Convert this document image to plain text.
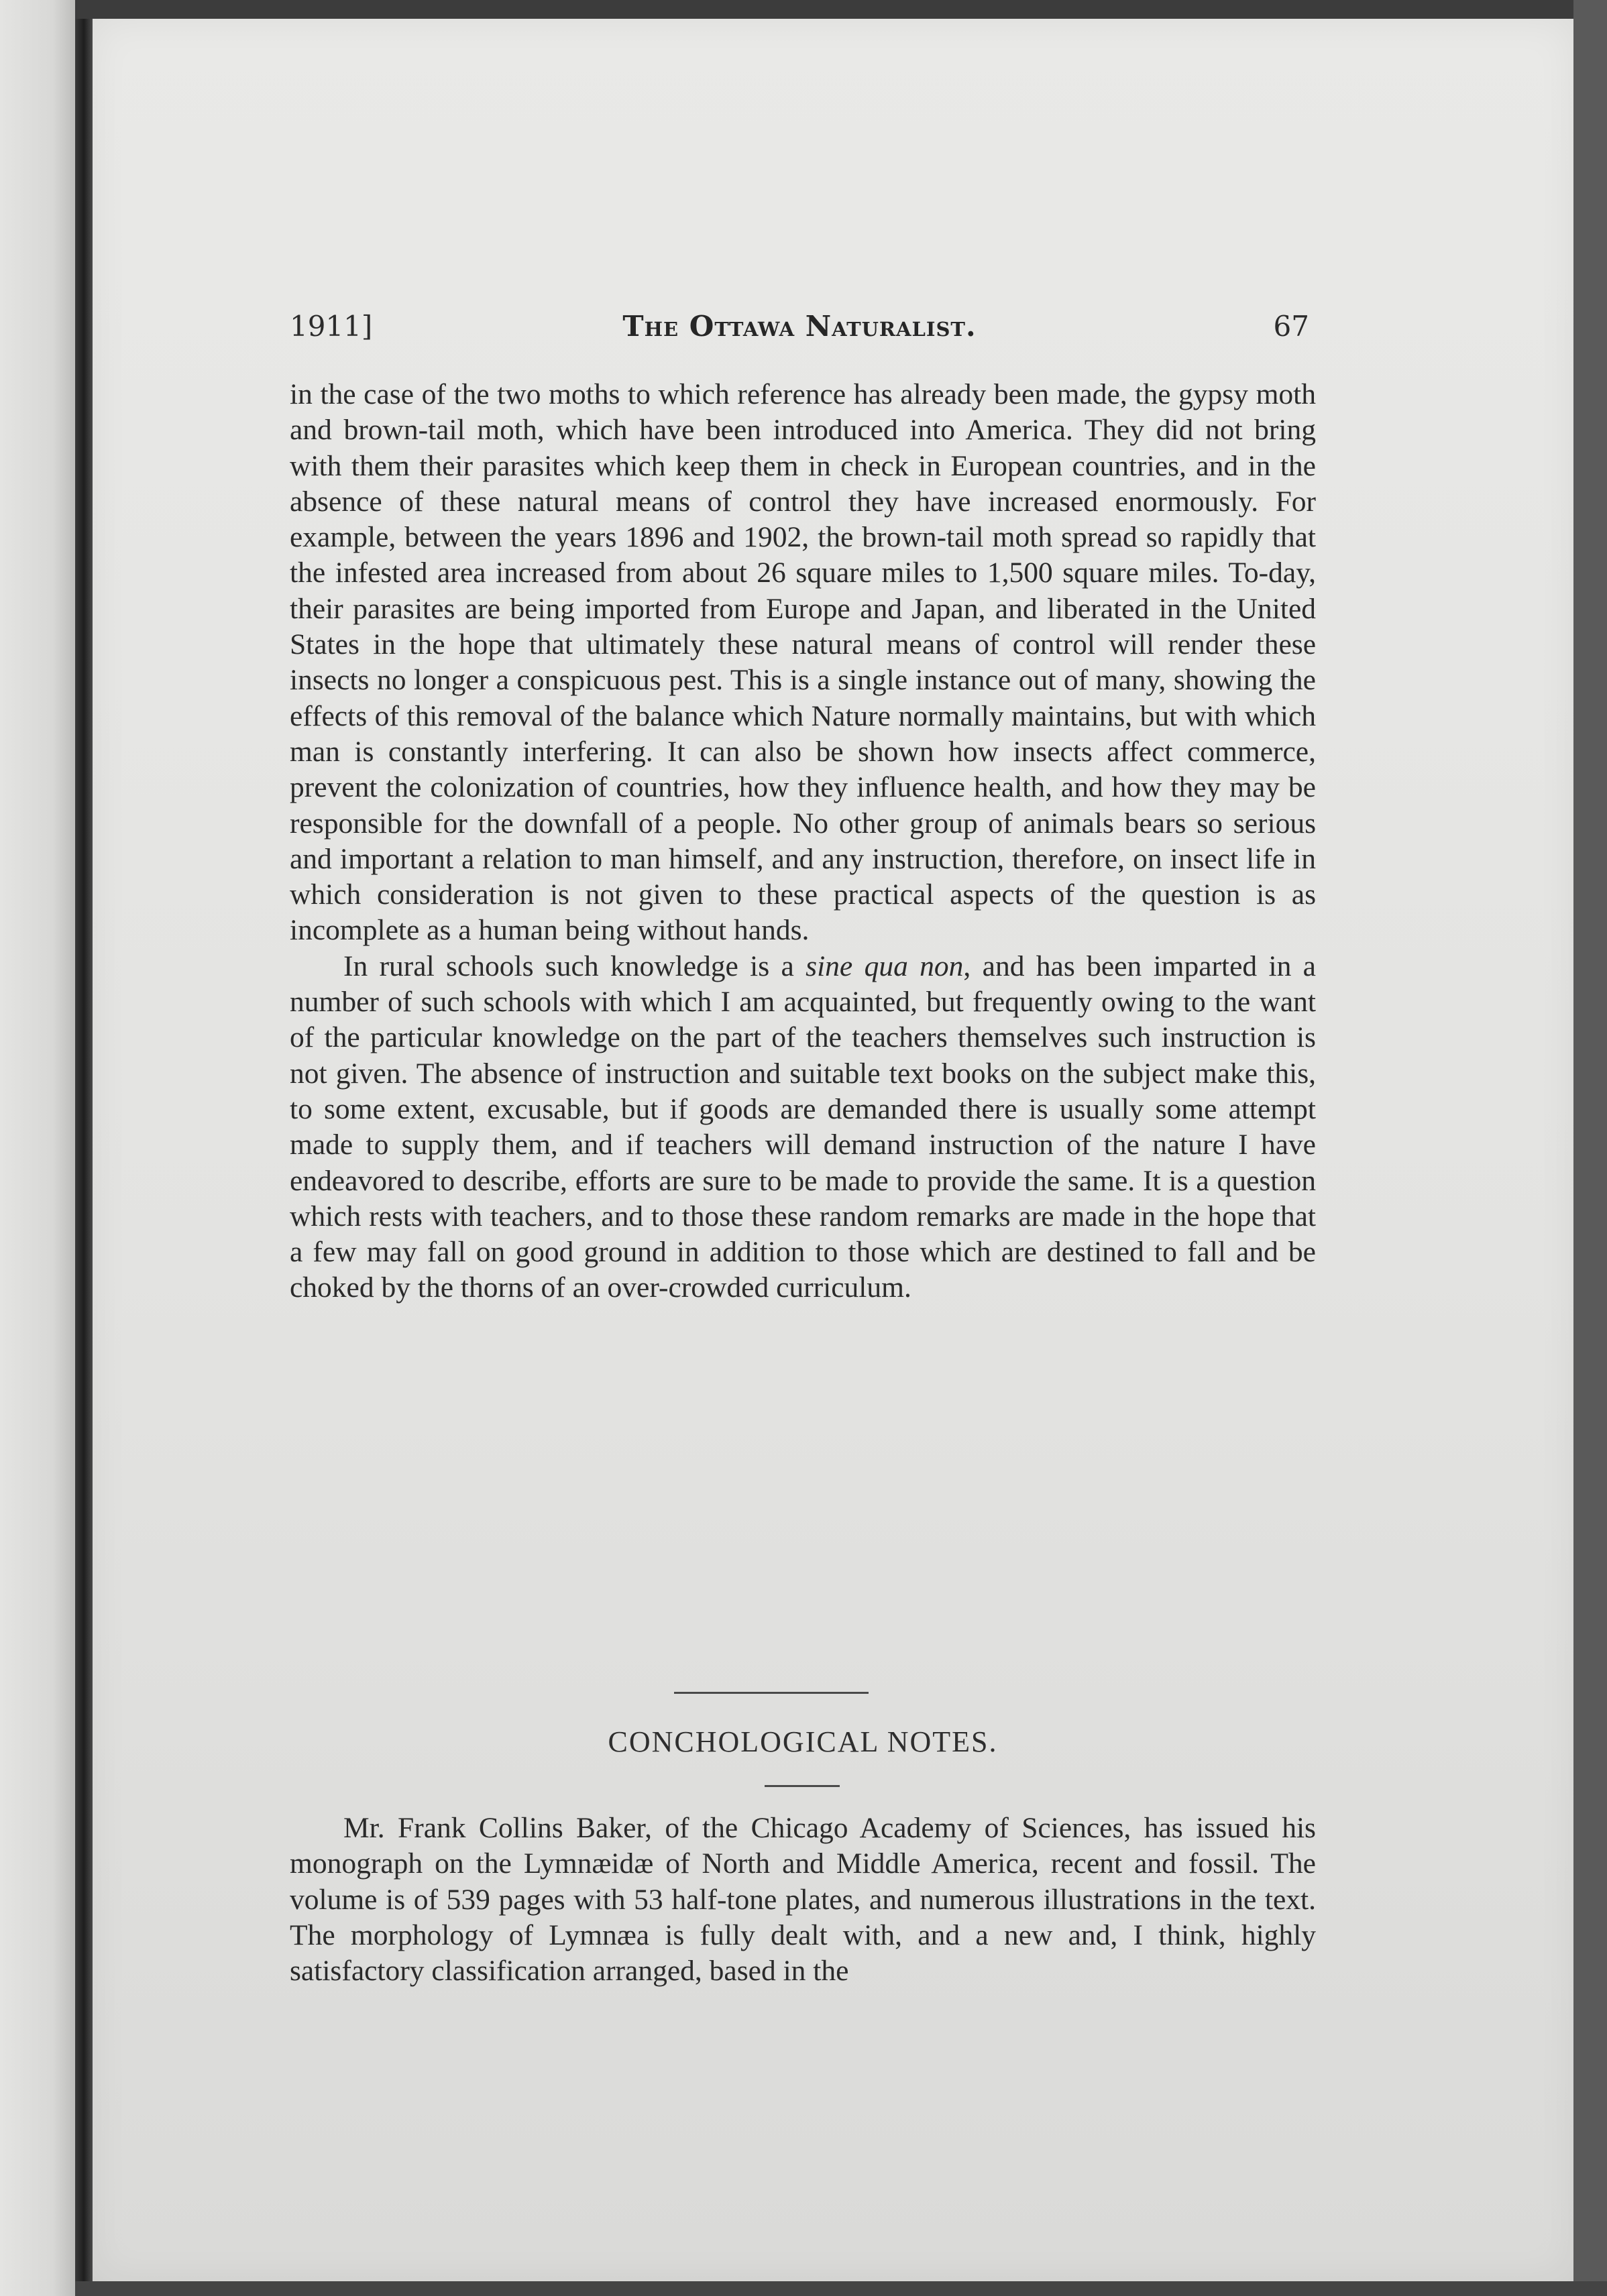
1911]	The Ottawa Naturalist.	67

in the case of the two moths to which reference has already been made, the gypsy moth and brown-tail moth, which have been introduced into America. They did not bring with them their parasites which keep them in check in European countries, and in the absence of these natural means of control they have increased enormously. For example, between the years 1896 and 1902, the brown-tail moth spread so rapidly that the infested area increased from about 26 square miles to 1,500 square miles. To-day, their parasites are being imported from Europe and Japan, and liberated in the United States in the hope that ultimately these natural means of control will render these insects no longer a conspicuous pest. This is a single instance out of many, showing the effects of this removal of the balance which Nature normally maintains, but with which man is constantly interfering. It can also be shown how insects affect commerce, prevent the colonization of countries, how they influence health, and how they may be responsible for the downfall of a people. No other group of animals bears so serious and important a relation to man himself, and any instruction, therefore, on insect life in which consideration is not given to these practical aspects of the question is as incomplete as a human being without hands.

In rural schools such knowledge is a sine qua non, and has been imparted in a number of such schools with which I am acquainted, but frequently owing to the want of the particular knowledge on the part of the teachers themselves such instruction is not given. The absence of instruction and suitable text books on the subject make this, to some extent, excusable, but if goods are demanded there is usually some attempt made to supply them, and if teachers will demand instruction of the nature I have endeavored to describe, efforts are sure to be made to provide the same. It is a question which rests with teachers, and to those these random remarks are made in the hope that a few may fall on good ground in addition to those which are destined to fall and be choked by the thorns of an over-crowded curriculum.

CONCHOLOGICAL NOTES.

Mr. Frank Collins Baker, of the Chicago Academy of Sciences, has issued his monograph on the Lymnæidæ of North and Middle America, recent and fossil. The volume is of 539 pages with 53 half-tone plates, and numerous illustrations in the text. The morphology of Lymnæa is fully dealt with, and a new and, I think, highly satisfactory classification arranged, based in the
